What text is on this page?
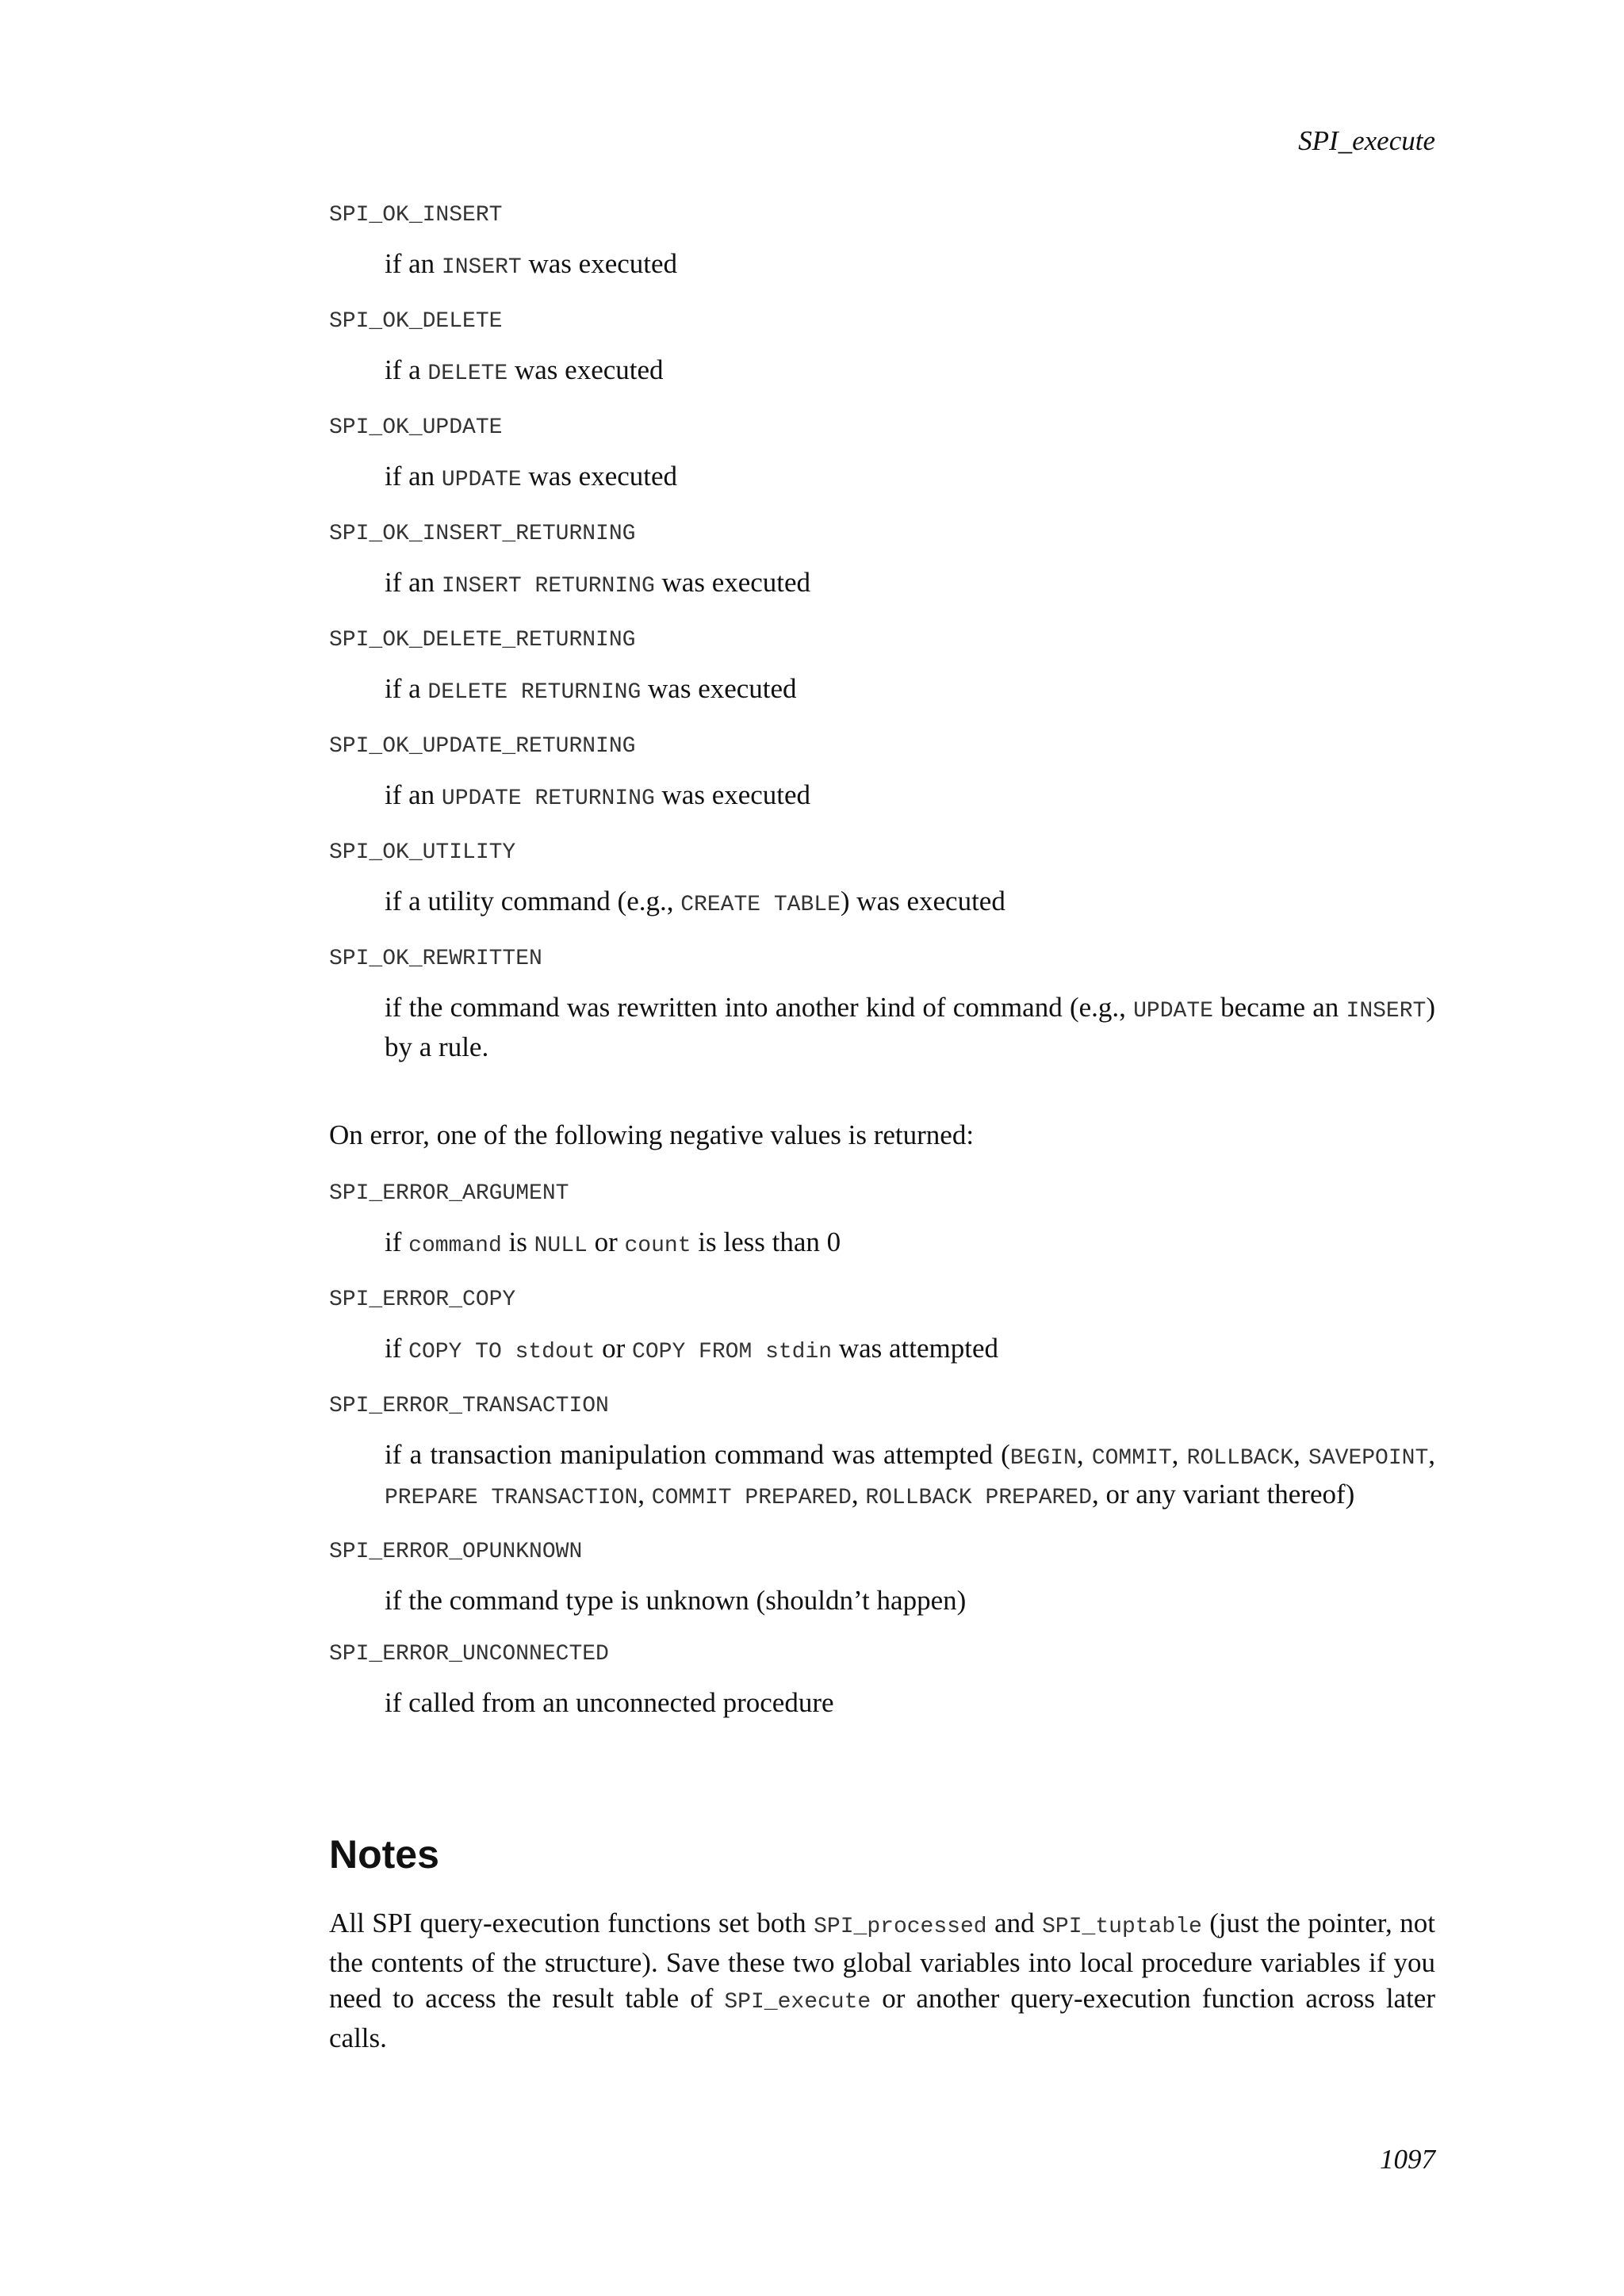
SPI_execute
SPI_OK_INSERT
if an INSERT was executed
SPI_OK_DELETE
if a DELETE was executed
SPI_OK_UPDATE
if an UPDATE was executed
SPI_OK_INSERT_RETURNING
if an INSERT RETURNING was executed
SPI_OK_DELETE_RETURNING
if a DELETE RETURNING was executed
SPI_OK_UPDATE_RETURNING
if an UPDATE RETURNING was executed
SPI_OK_UTILITY
if a utility command (e.g., CREATE TABLE) was executed
SPI_OK_REWRITTEN
if the command was rewritten into another kind of command (e.g., UPDATE became an INSERT) by a rule.

On error, one of the following negative values is returned:

SPI_ERROR_ARGUMENT
if command is NULL or count is less than 0
SPI_ERROR_COPY
if COPY TO stdout or COPY FROM stdin was attempted
SPI_ERROR_TRANSACTION
if a transaction manipulation command was attempted (BEGIN, COMMIT, ROLLBACK, SAVEPOINT, PREPARE TRANSACTION, COMMIT PREPARED, ROLLBACK PREPARED, or any variant thereof)
SPI_ERROR_OPUNKNOWN
if the command type is unknown (shouldn’t happen)
SPI_ERROR_UNCONNECTED
if called from an unconnected procedure
Notes

All SPI query-execution functions set both SPI_processed and SPI_tuptable (just the pointer, not the contents of the structure). Save these two global variables into local procedure variables if you need to access the result table of SPI_execute or another query-execution function across later calls.

1097
